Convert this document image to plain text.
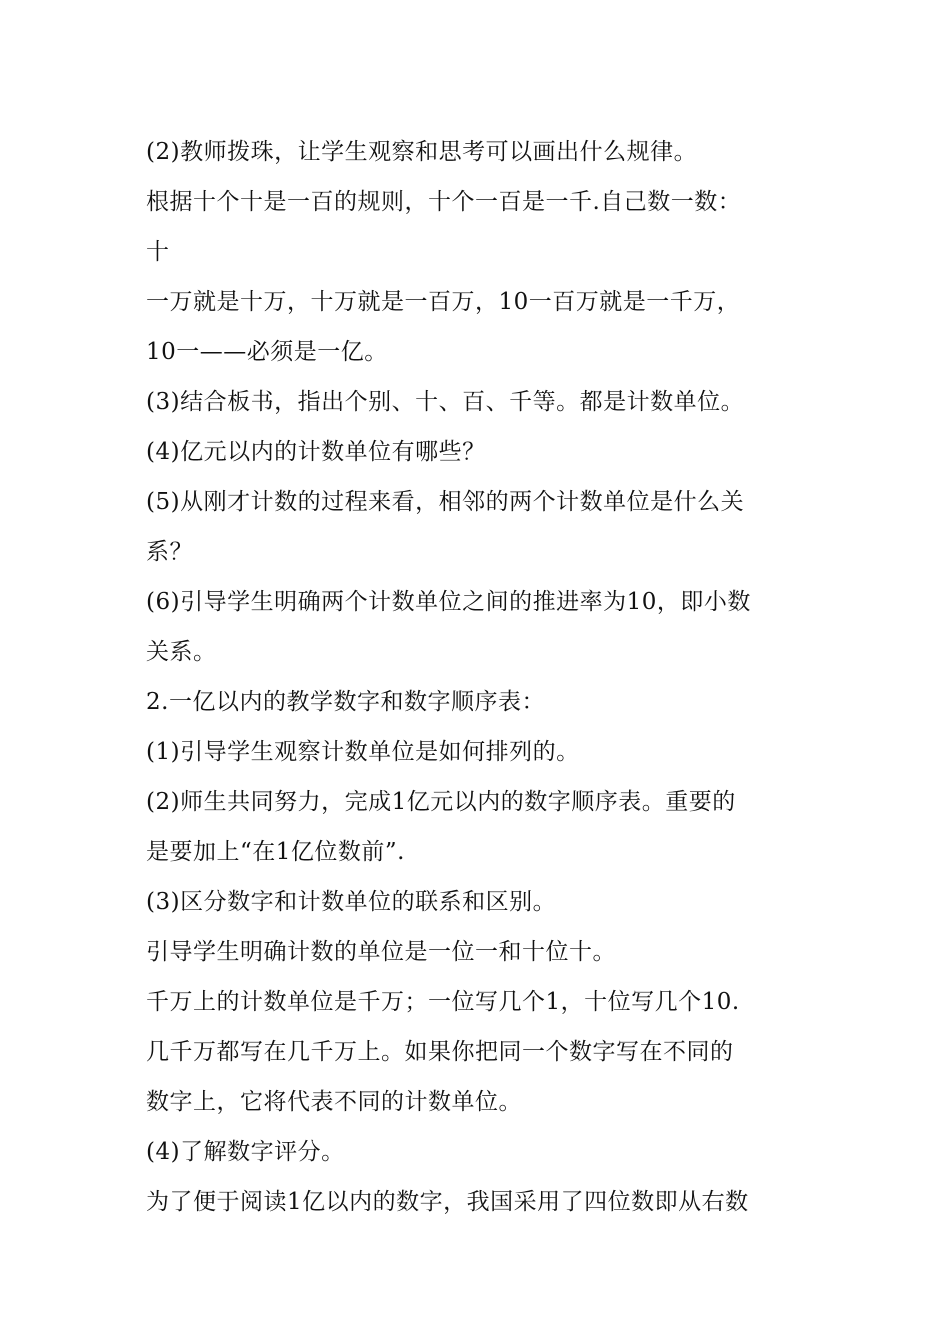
(2)教师拨珠，让学生观察和思考可以画出什么规律。
根据十个十是一百的规则，十个一百是一千.自己数一数：
十
一万就是十万，十万就是一百万，10一百万就是一千万，
10一——必须是一亿。
(3)结合板书，指出个别、十、百、千等。都是计数单位。
(4)亿元以内的计数单位有哪些？
(5)从刚才计数的过程来看，相邻的两个计数单位是什么关
系？
(6)引导学生明确两个计数单位之间的推进率为10，即小数
关系。
2.一亿以内的教学数字和数字顺序表：
(1)引导学生观察计数单位是如何排列的。
(2)师生共同努力，完成1亿元以内的数字顺序表。重要的
是要加上“在1亿位数前”.
(3)区分数字和计数单位的联系和区别。
引导学生明确计数的单位是一位一和十位十。
千万上的计数单位是千万；一位写几个1，十位写几个10.
几千万都写在几千万上。如果你把同一个数字写在不同的
数字上，它将代表不同的计数单位。
(4)了解数字评分。
为了便于阅读1亿以内的数字，我国采用了四位数即从右数
